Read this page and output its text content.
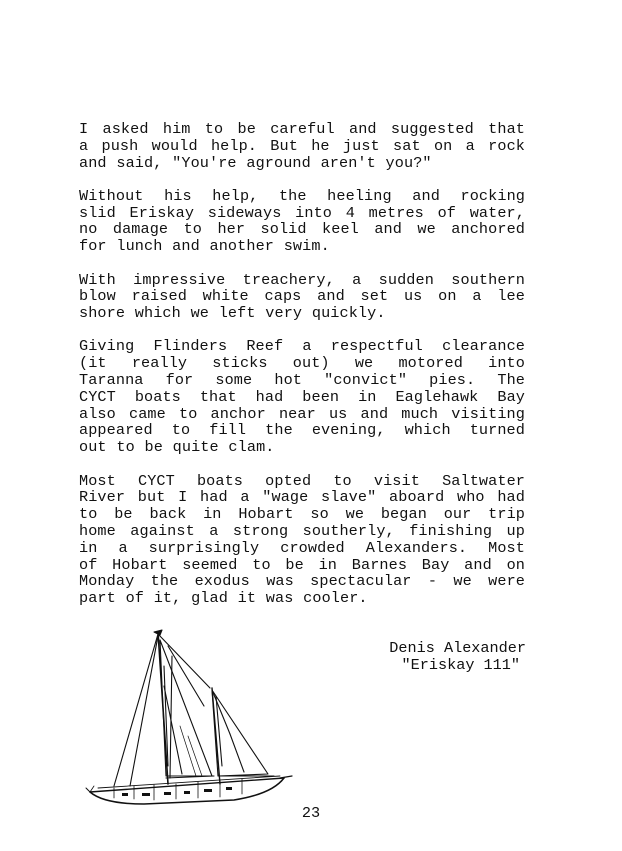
I asked him to be careful and suggested that
a push would help. But he just sat on a rock
and said, "You're aground aren't you?"

Without his help, the heeling and rocking
slid Eriskay sideways into 4 metres of water,
no damage to her solid keel and we anchored
for lunch and another swim.

With impressive treachery, a sudden southern
blow raised white caps and set us on a lee
shore which we left very quickly.

Giving Flinders Reef a respectful clearance
(it really sticks out) we motored into
Taranna for some hot "convict" pies. The
CYCT boats that had been in Eaglehawk Bay
also came to anchor near us and much visiting
appeared to fill the evening, which turned
out to be quite clam.

Most CYCT boats opted to visit Saltwater
River but I had a "wage slave" aboard who had
to be back in Hobart so we began our trip
home against a strong southerly, finishing up
in a surprisingly crowded Alexanders. Most
of Hobart seemed to be in Barnes Bay and on
Monday the exodus was spectacular - we were
part of it, glad it was cooler.

Denis Alexander
"Eriskay 111"
23
